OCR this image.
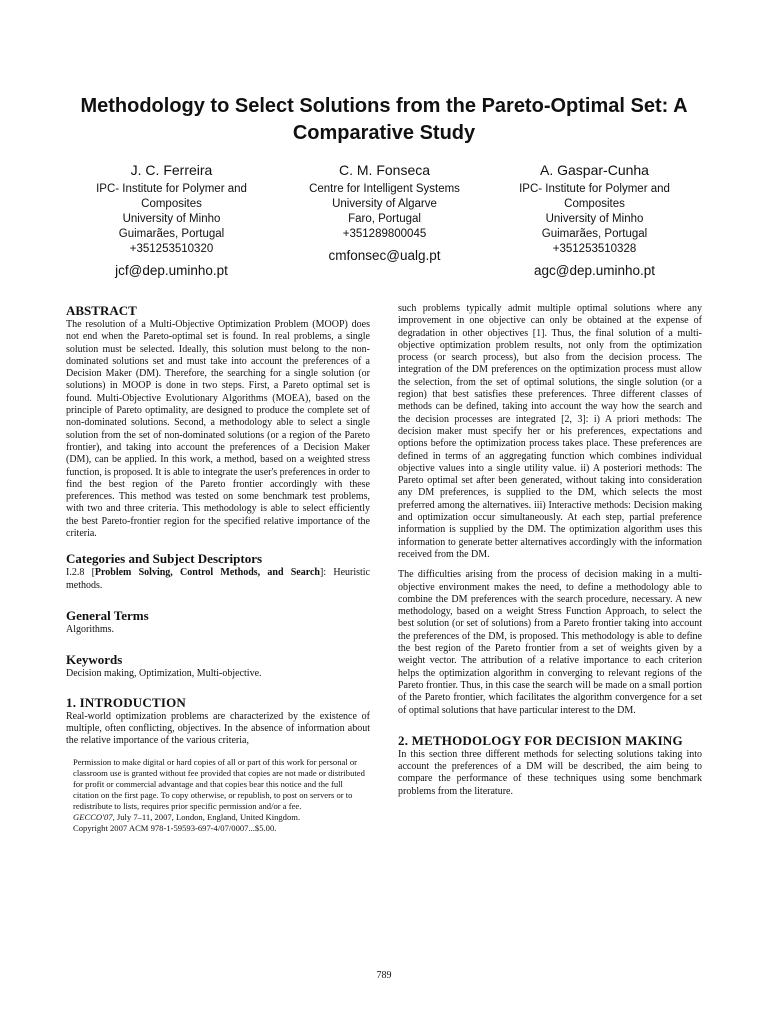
Methodology to Select Solutions from the Pareto-Optimal Set: A Comparative Study
J. C. Ferreira
IPC- Institute for Polymer and
Composites
University of Minho
Guimarães, Portugal
+351253510320
jcf@dep.uminho.pt
C. M. Fonseca
Centre for Intelligent Systems
University of Algarve
Faro, Portugal
+351289800045
cmfonsec@ualg.pt
A. Gaspar-Cunha
IPC- Institute for Polymer and
Composites
University of Minho
Guimarães, Portugal
+351253510328
agc@dep.uminho.pt
ABSTRACT

The resolution of a Multi-Objective Optimization Problem (MOOP) does not end when the Pareto-optimal set is found. In real problems, a single solution must be selected. Ideally, this solution must belong to the non-dominated solutions set and must take into account the preferences of a Decision Maker (DM). Therefore, the searching for a single solution (or solutions) in MOOP is done in two steps. First, a Pareto optimal set is found. Multi-Objective Evolutionary Algorithms (MOEA), based on the principle of Pareto optimality, are designed to produce the complete set of non-dominated solutions. Second, a methodology able to select a single solution from the set of non-dominated solutions (or a region of the Pareto frontier), and taking into account the preferences of a Decision Maker (DM), can be applied. In this work, a method, based on a weighted stress function, is proposed. It is able to integrate the user's preferences in order to find the best region of the Pareto frontier accordingly with these preferences. This method was tested on some benchmark test problems, with two and three criteria. This methodology is able to select efficiently the best Pareto-frontier region for the specified relative importance of the criteria.

Categories and Subject Descriptors

I.2.8 [Problem Solving, Control Methods, and Search]: Heuristic methods.

General Terms

Algorithms.

Keywords

Decision making, Optimization, Multi-objective.

1. INTRODUCTION

Real-world optimization problems are characterized by the existence of multiple, often conflicting, objectives. In the absence of information about the relative importance of the various criteria,

Permission to make digital or hard copies of all or part of this work for personal or classroom use is granted without fee provided that copies are not made or distributed for profit or commercial advantage and that copies bear this notice and the full citation on the first page. To copy otherwise, or republish, to post on servers or to redistribute to lists, requires prior specific permission and/or a fee.

GECCO'07, July 7–11, 2007, London, England, United Kingdom.

Copyright 2007 ACM 978-1-59593-697-4/07/0007...$5.00.

such problems typically admit multiple optimal solutions where any improvement in one objective can only be obtained at the expense of degradation in other objectives [1]. Thus, the final solution of a multi-objective optimization problem results, not only from the optimization process (or search process), but also from the decision process. The integration of the DM preferences on the optimization process must allow the selection, from the set of optimal solutions, the single solution (or a region) that best satisfies these preferences. Three different classes of methods can be defined, taking into account the way how the search and the decision processes are integrated [2, 3]: i) A priori methods: The decision maker must specify her or his preferences, expectations and options before the optimization process takes place. These preferences are defined in terms of an aggregating function which combines individual objective values into a single utility value. ii) A posteriori methods: The Pareto optimal set after been generated, without taking into consideration any DM preferences, is supplied to the DM, which selects the most preferred among the alternatives. iii) Interactive methods: Decision making and optimization occur simultaneously. At each step, partial preference information is supplied by the DM. The optimization algorithm uses this information to generate better alternatives accordingly with the information received from the DM.

The difficulties arising from the process of decision making in a multi-objective environment makes the need, to define a methodology able to combine the DM preferences with the search procedure, necessary. A new methodology, based on a weight Stress Function Approach, to select the best solution (or set of solutions) from a Pareto frontier taking into account the preferences of the DM, is proposed. This methodology is able to define the best region of the Pareto frontier from a set of weights given by a weight vector. The attribution of a relative importance to each criterion helps the optimization algorithm in converging to relevant regions of the Pareto frontier. Thus, in this case the search will be made on a small portion of the Pareto frontier, which facilitates the algorithm convergence for a set of optimal solutions that have particular interest to the DM.

2. METHODOLOGY FOR DECISION MAKING

In this section three different methods for selecting solutions taking into account the preferences of a DM will be described, the aim being to compare the performance of these techniques using some benchmark problems from the literature.

789
